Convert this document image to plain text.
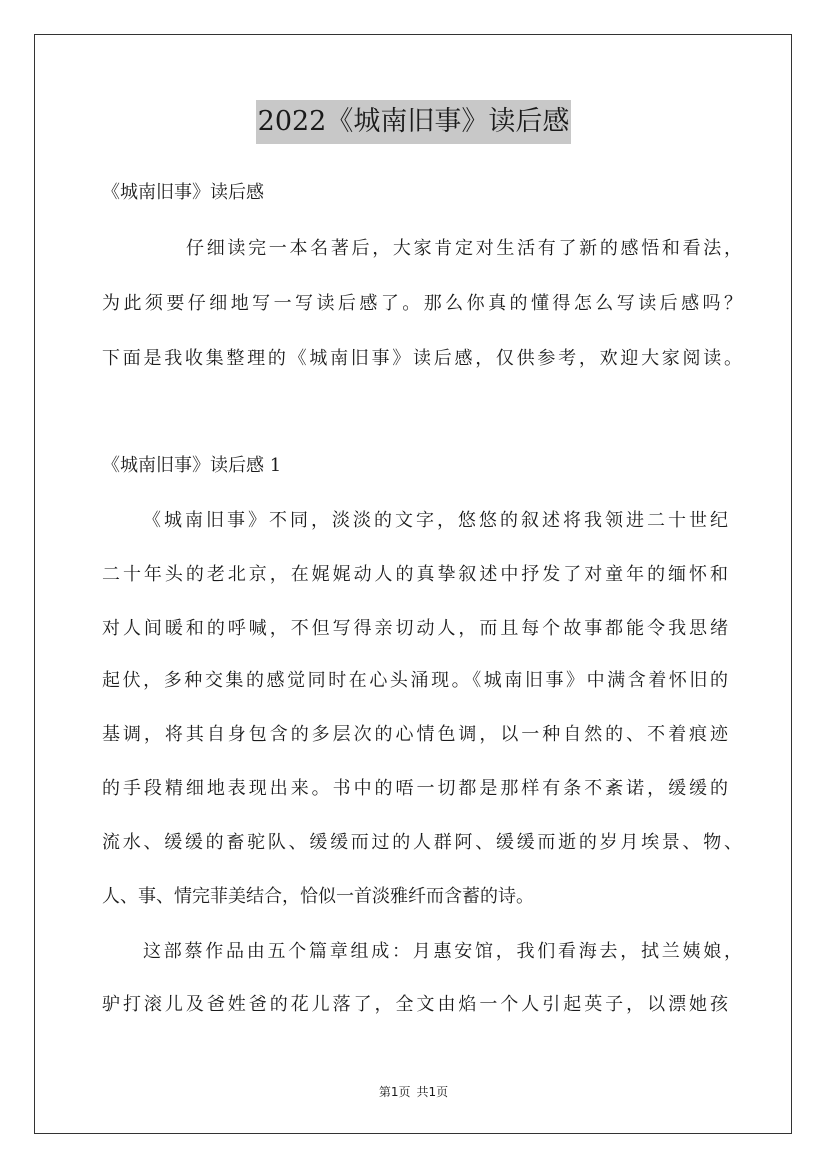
2022《城南旧事》读后感
《城南旧事》读后感
仔细读完一本名著后，大家肯定对生活有了新的感悟和看法，
为此须要仔细地写一写读后感了。那么你真的懂得怎么写读后感吗？
下面是我收集整理的《城南旧事》读后感，仅供参考，欢迎大家阅读。
《城南旧事》读后感 1
《城南旧事》不同，淡淡的文字，悠悠的叙述将我领进二十世纪
二十年头的老北京，在娓娓动人的真挚叙述中抒发了对童年的缅怀和
对人间暖和的呼喊，不但写得亲切动人，而且每个故事都能令我思绪
起伏，多种交集的感觉同时在心头涌现。《城南旧事》中满含着怀旧的
基调，将其自身包含的多层次的心情色调，以一种自然的、不着痕迹
的手段精细地表现出来。书中的唔一切都是那样有条不紊诺，缓缓的
流水、缓缓的畜驼队、缓缓而过的人群阿、缓缓而逝的岁月埃景、物、
人、事、情完菲美结合，恰似一首淡雅纤而含蓄的诗。
这部蔡作品由五个篇章组成：月惠安馆，我们看海去，拭兰姨娘，
驴打滚儿及爸姓爸的花儿落了，全文由焰一个人引起英子，以漂她孩
第1页 共1页
